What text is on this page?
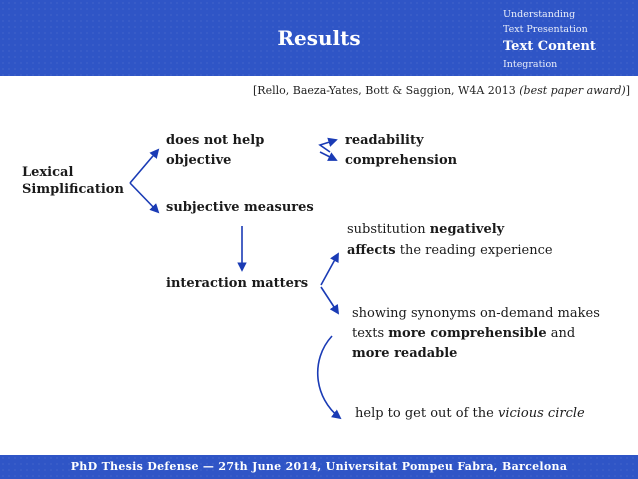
Results
Understanding
Text Presentation
Text Content
Integration
[Rello, Baeza-Yates, Bott & Saggion, W4A 2013 (best paper award)]
Lexical
Simplification
does not help
objective
readability
comprehension
subjective measures
substitution negatively
affects the reading experience
interaction matters
showing synonyms on-demand makes
texts more comprehensible and
more readable
help to get out of the vicious circle
PhD Thesis Defense — 27th June 2014, Universitat Pompeu Fabra, Barcelona
